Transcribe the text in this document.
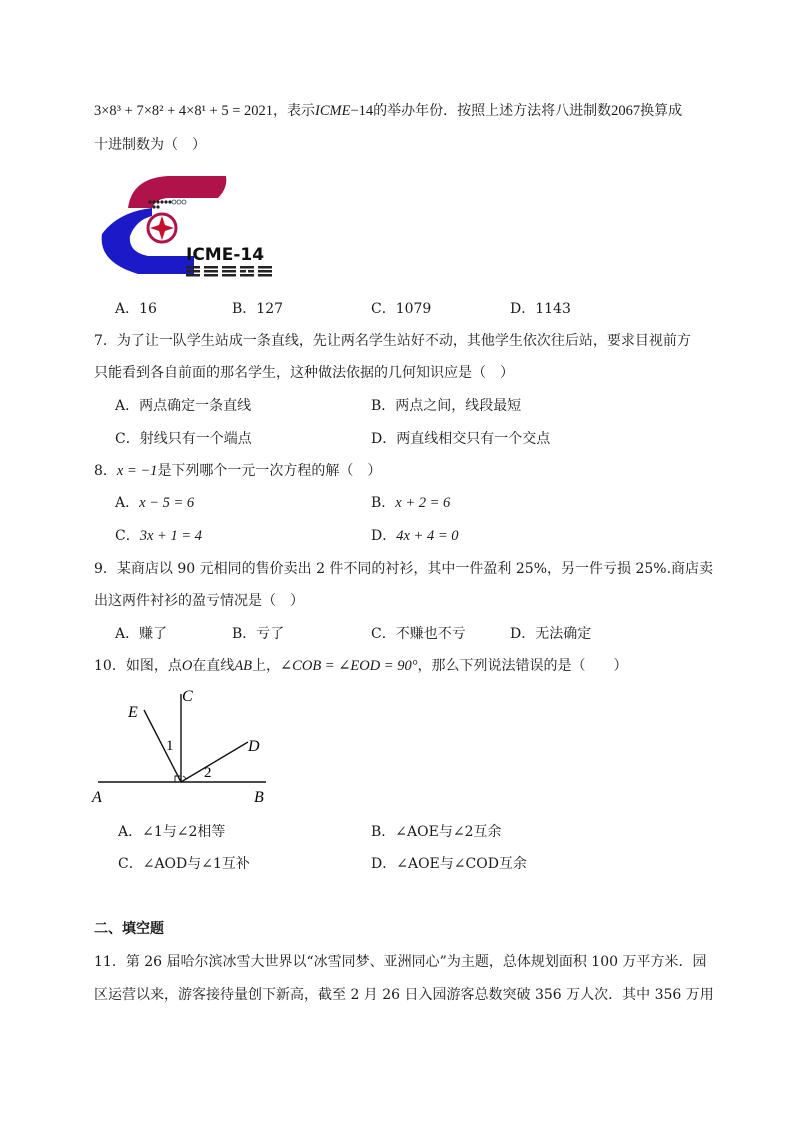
3×8³ + 7×8² + 4×8¹ + 5 = 2021，表示ICME−14的举办年份．按照上述方法将八进制数2067换算成
十进制数为（　）
ICME-14
A．16	B．127	C．1079	D．1143
7．为了让一队学生站成一条直线，先让两名学生站好不动，其他学生依次往后站，要求目视前方
只能看到各自前面的那名学生，这种做法依据的几何知识应是（　）
A．两点确定一条直线	B．两点之间，线段最短
C．射线只有一个端点	D．两直线相交只有一个交点
8．x = −1是下列哪个一元一次方程的解（　）
A．x − 5 = 6	B．x + 2 = 6
C．3x + 1 = 4	D．4x + 4 = 0
9．某商店以 90 元相同的售价卖出 2 件不同的衬衫，其中一件盈利 25%，另一件亏损 25%.商店卖
出这两件衬衫的盈亏情况是（　）
A．赚了	B．亏了	C．不赚也不亏	D．无法确定
10．如图，点O在直线AB上，∠COB = ∠EOD = 90°，那么下列说法错误的是（　　）
A	B
C
D
E
1
2
A．∠1与∠2相等	B．∠AOE与∠2互余
C．∠AOD与∠1互补	D．∠AOE与∠COD互余
二、填空题
11．第 26 届哈尔滨冰雪大世界以“冰雪同梦、亚洲同心”为主题，总体规划面积 100 万平方米．园
区运营以来，游客接待量创下新高，截至 2 月 26 日入园游客总数突破 356 万人次．其中 356 万用
